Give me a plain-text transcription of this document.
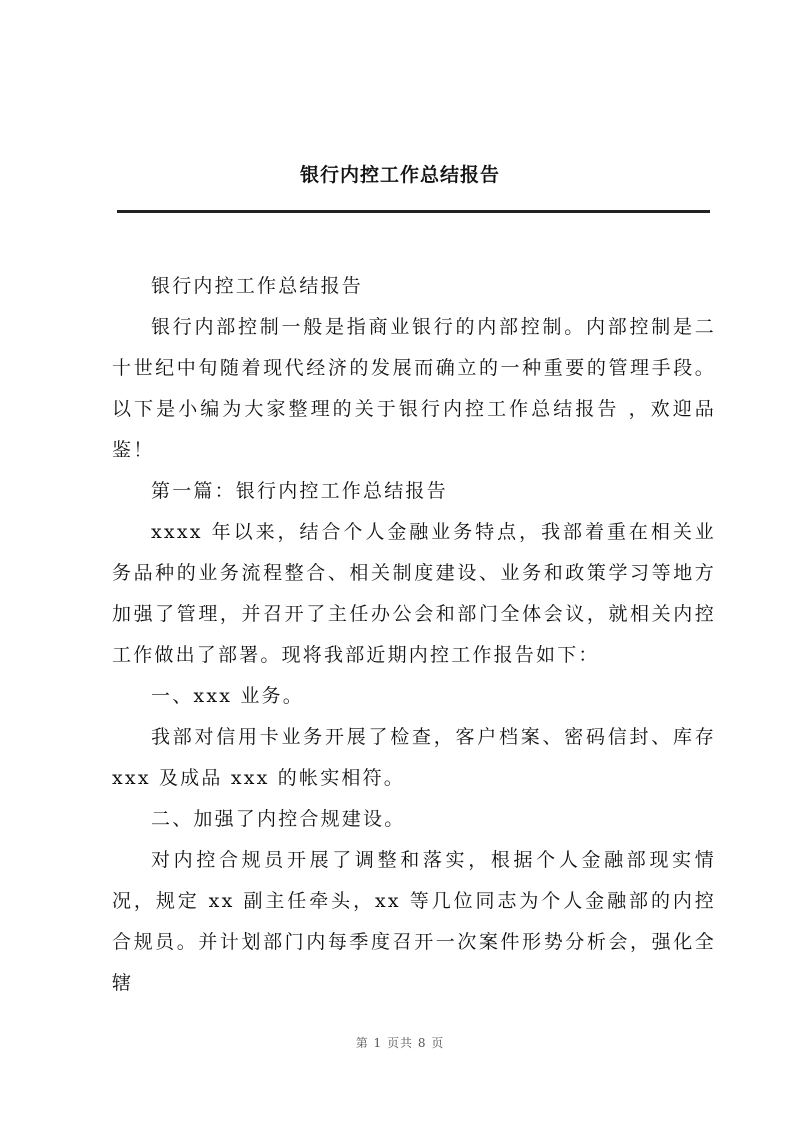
银行内控工作总结报告

银行内控工作总结报告

银行内部控制一般是指商业银行的内部控制。内部控制是二十世纪中旬随着现代经济的发展而确立的一种重要的管理手段。以下是小编为大家整理的关于银行内控工作总结报告 ，欢迎品鉴！

第一篇：银行内控工作总结报告

xxxx 年以来，结合个人金融业务特点，我部着重在相关业务品种的业务流程整合、相关制度建设、业务和政策学习等地方加强了管理，并召开了主任办公会和部门全体会议，就相关内控工作做出了部署。现将我部近期内控工作报告如下：

一、xxx 业务。

我部对信用卡业务开展了检查，客户档案、密码信封、库存 xxx 及成品 xxx 的帐实相符。

二、加强了内控合规建设。

对内控合规员开展了调整和落实，根据个人金融部现实情况，规定 xx 副主任牵头，xx 等几位同志为个人金融部的内控合规员。并计划部门内每季度召开一次案件形势分析会，强化全辖

第 1 页共 8 页
